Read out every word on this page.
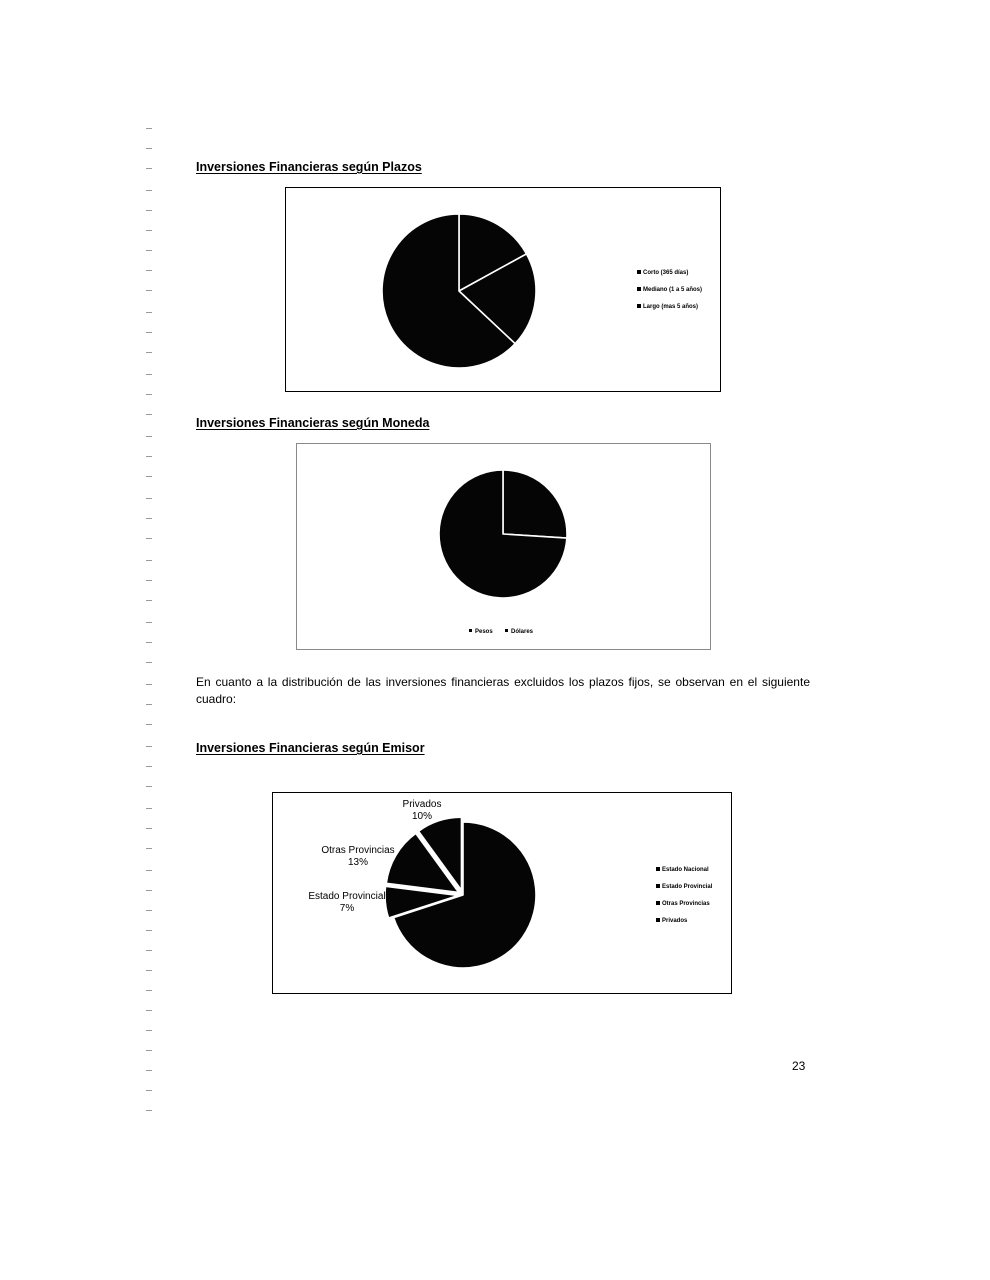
Inversiones Financieras según Plazos
Corto (365 días)
Mediano (1 a 5 años)
Largo (mas 5 años)
Inversiones Financieras según Moneda
Pesos	Dólares

En cuanto a la distribución de las inversiones financieras excluidos los plazos fijos, se observan en el siguiente cuadro:

Inversiones Financieras según Emisor
Estado Nacional
Estado Provincial
Otras Provincias
Privados
Estado Provincial 7%
Otras Provincias 13%
Privados 10%

23
